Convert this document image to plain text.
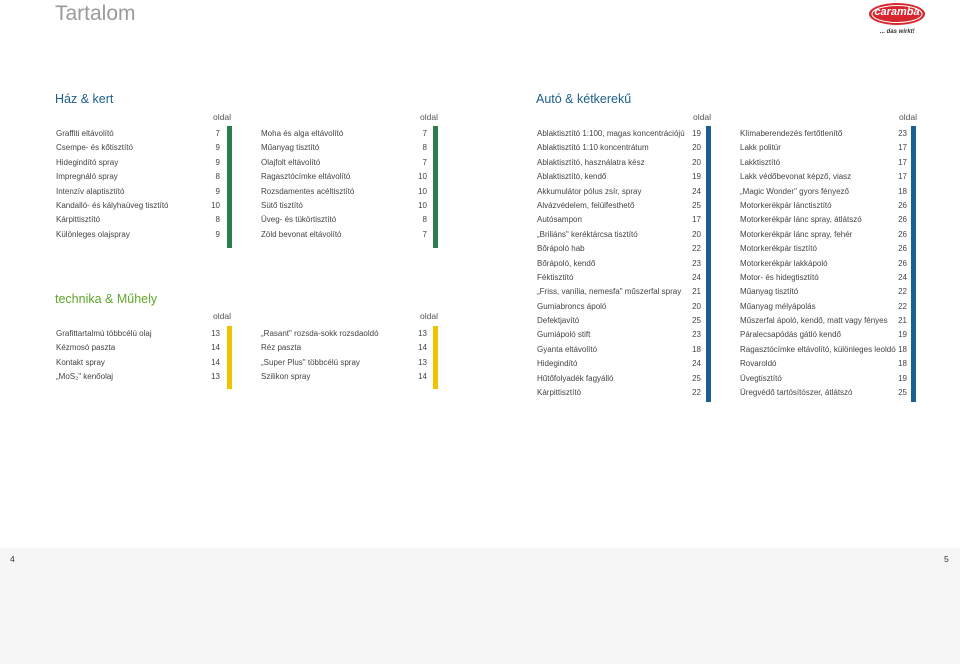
Tartalom	caramba
... das wirkt!
Ház & kert
technika & Műhely
Autó & kétkerekű
oldal	oldal
oldal	oldal
oldal	oldal
Graffiti eltávolító	7
Csempe- és kőtisztító	9
Hidegindító spray	9
Impregnáló spray	8
Intenzív alaptisztító	9
Kandalló- és kályhaüveg tisztító	10
Kárpittisztító	8
Különleges olajspray	9
Moha és alga eltávolító	7
Műanyag tisztító	8
Olajfolt eltávolító	7
Ragasztócímke eltávolító	10
Rozsdamentes acéltisztító	10
Sütő tisztító	10
Üveg- és tükörtisztító	8
Zöld bevonat eltávolító	7
Grafittartalmú többcélú olaj	13
Kézmosó paszta	14
Kontakt spray	14
„MoS₂" kenőolaj	13
„Rasant" rozsda-sokk rozsdaoldó	13
Réz paszta	14
„Super Plus" többcélú spray	13
Szilikon spray	14
Ablaktisztító 1:100, magas koncentrációjú 19
Ablaktisztító 1:10 koncentrátum	20
Ablaktisztító, használatra kész	20
Ablaktisztító, kendő	19
Akkumulátor pólus zsír, spray	24
Alvázvédelem, felülfesthető	25
Autósampon	17
„Briliáns" keréktárcsa tisztító	20
Bőrápoló hab	22
Bőrápoló, kendő	23
Féktisztító	24
„Friss, vanília, nemesfa" műszerfal spray	21
Gumiabroncs ápoló	20
Defektjavító	25
Gumiápoló stift	23
Gyanta eltávolító	18
Hidegindító	24
Hűtőfolyadék fagyálló	25
Kárpittisztító	22
Klímaberendezés fertőtlenítő	23
Lakk politúr	17
Lakktisztító	17
Lakk védőbevonat képző, viasz	17
„Magic Wonder" gyors fényező	18
Motorkerékpár lánctisztító	26
Motorkerékpár lánc spray, átlátszó	26
Motorkerékpár lánc spray, fehér	26
Motorkerékpár tisztító	26
Motorkerékpár lakkápoló	26
Motor- és hidegtisztító	24
Műanyag tisztító	22
Műanyag mélyápolás	22
Műszerfal ápoló, kendő, matt vagy fényes	21
Páralecsapódás gátló kendő	19
Ragasztócímke eltávolító, különleges leoldó 18
Rovaroldó	18
Üvegtisztító	19
Üregvédő tartósítószer, átlátszó	25
4	5
